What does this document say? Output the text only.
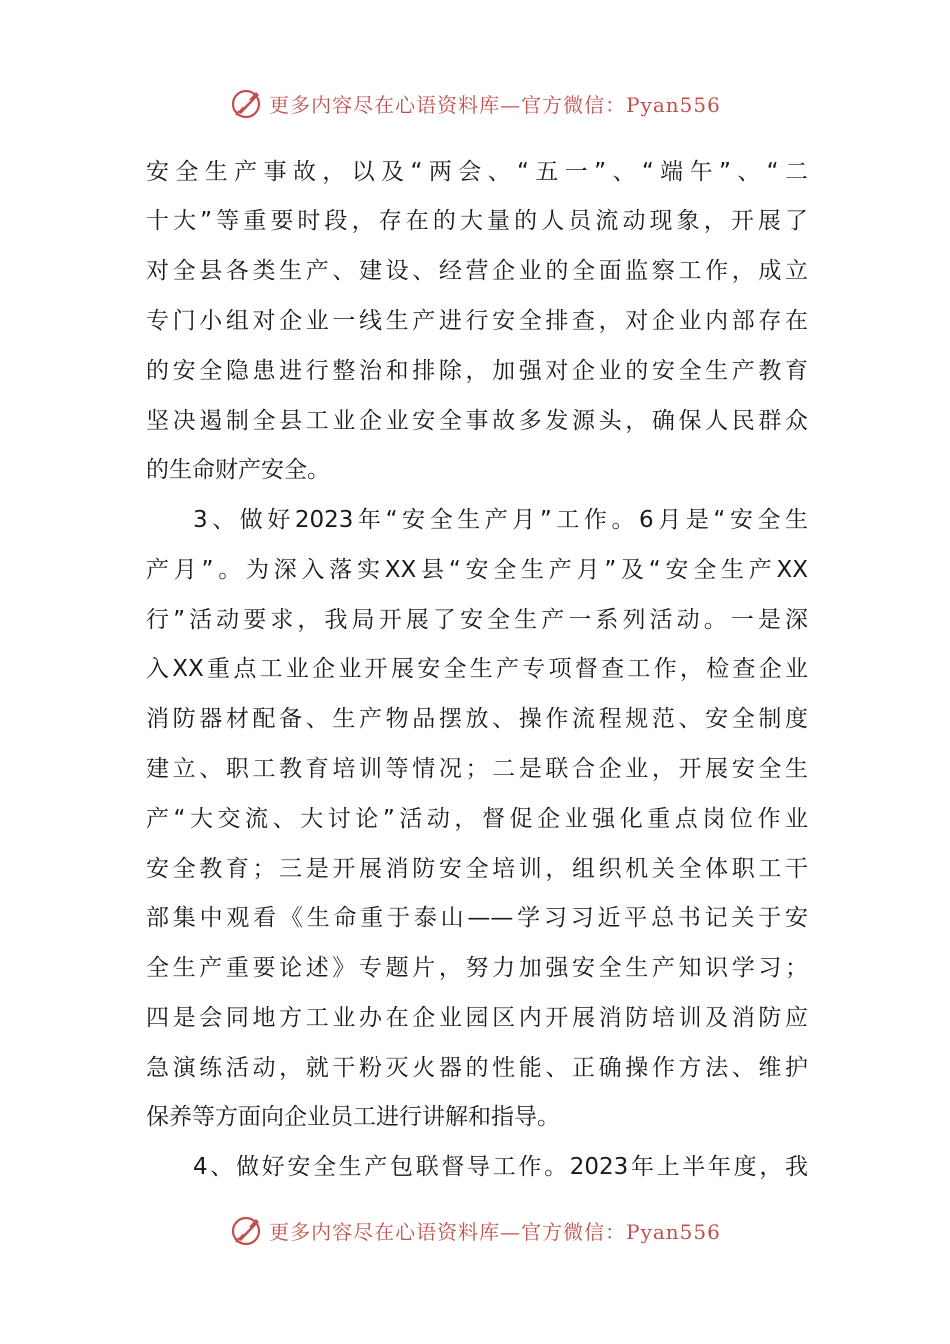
更多内容尽在心语资料库—官方微信：Pyan556
安全生产事故，以及“两会、“五一”、“端午”、“二
十大”等重要时段，存在的大量的人员流动现象，开展了
对全县各类生产、建设、经营企业的全面监察工作，成立
专门小组对企业一线生产进行安全排查，对企业内部存在
的安全隐患进行整治和排除，加强对企业的安全生产教育
坚决遏制全县工业企业安全事故多发源头，确保人民群众
的生命财产安全。
3、做好2023年“安全生产月”工作。6月是“安全生
产月”。为深入落实XX县“安全生产月”及“安全生产XX
行”活动要求，我局开展了安全生产一系列活动。一是深
入XX重点工业企业开展安全生产专项督查工作，检查企业
消防器材配备、生产物品摆放、操作流程规范、安全制度
建立、职工教育培训等情况；二是联合企业，开展安全生
产“大交流、大讨论”活动，督促企业强化重点岗位作业
安全教育；三是开展消防安全培训，组织机关全体职工干
部集中观看《生命重于泰山——学习习近平总书记关于安
全生产重要论述》专题片，努力加强安全生产知识学习；
四是会同地方工业办在企业园区内开展消防培训及消防应
急演练活动，就干粉灭火器的性能、正确操作方法、维护
保养等方面向企业员工进行讲解和指导。
4、做好安全生产包联督导工作。2023年上半年度，我
更多内容尽在心语资料库—官方微信：Pyan556
